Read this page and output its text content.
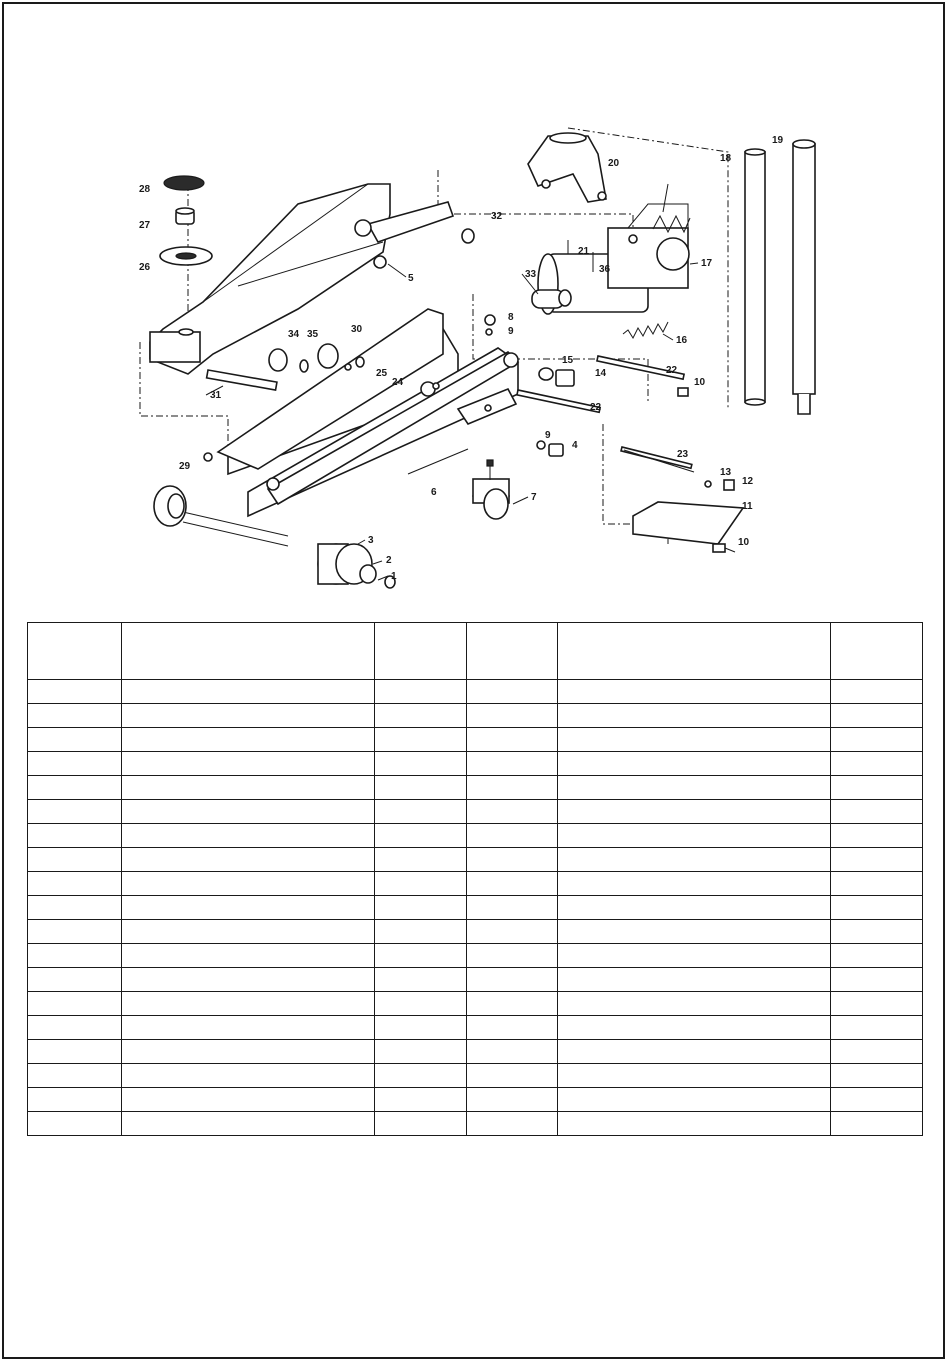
1
2
3
4
5
6	7
8
9
9
10
10
11
12
13
14
15
16
17
18
19
20
21
22
22
23
24
25
26
27
28
29
30
31
32
33
34 35
36
